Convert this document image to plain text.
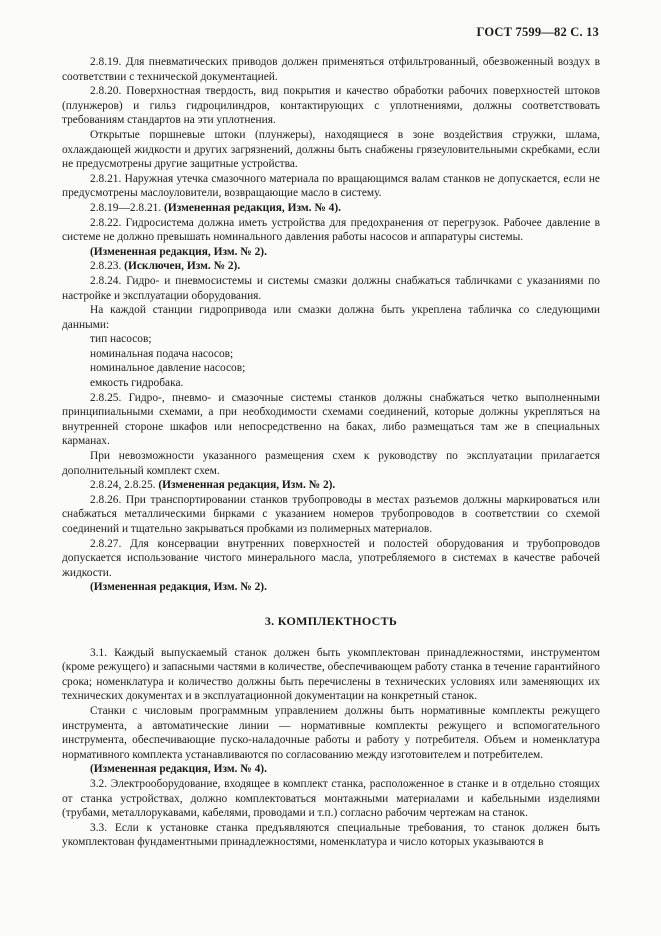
ГОСТ 7599—82 С. 13

2.8.19. Для пневматических приводов должен применяться отфильтрованный, обезвоженный воздух в соответствии с технической документацией.

2.8.20. Поверхностная твердость, вид покрытия и качество обработки рабочих поверхностей штоков (плунжеров) и гильз гидроцилиндров, контактирующих с уплотнениями, должны соответствовать требованиям стандартов на эти уплотнения.

Открытые поршневые штоки (плунжеры), находящиеся в зоне воздействия стружки, шлама, охлаждающей жидкости и других загрязнений, должны быть снабжены грязеуловительными скребками, если не предусмотрены другие защитные устройства.

2.8.21. Наружная утечка смазочного материала по вращающимся валам станков не допускается, если не предусмотрены маслоуловители, возвращающие масло в систему.

2.8.19—2.8.21. (Измененная редакция, Изм. № 4).

2.8.22. Гидросистема должна иметь устройства для предохранения от перегрузок. Рабочее давление в системе не должно превышать номинального давления работы насосов и аппаратуры системы.

(Измененная редакция, Изм. № 2).

2.8.23. (Исключен, Изм. № 2).

2.8.24. Гидро- и пневмосистемы и системы смазки должны снабжаться табличками с указаниями по настройке и эксплуатации оборудования.

На каждой станции гидропривода или смазки должна быть укреплена табличка со следующими данными:

тип насосов;

номинальная подача насосов;

номинальное давление насосов;

емкость гидробака.

2.8.25. Гидро-, пневмо- и смазочные системы станков должны снабжаться четко выполненными принципиальными схемами, а при необходимости схемами соединений, которые должны укрепляться на внутренней стороне шкафов или непосредственно на баках, либо размещаться там же в специальных карманах.

При невозможности указанного размещения схем к руководству по эксплуатации прилагается дополнительный комплект схем.

2.8.24, 2.8.25. (Измененная редакция, Изм. № 2).

2.8.26. При транспортировании станков трубопроводы в местах разъемов должны маркироваться или снабжаться металлическими бирками с указанием номеров трубопроводов в соответствии со схемой соединений и тщательно закрываться пробками из полимерных материалов.

2.8.27. Для консервации внутренних поверхностей и полостей оборудования и трубопроводов допускается использование чистого минерального масла, употребляемого в системах в качестве рабочей жидкости.

(Измененная редакция, Изм. № 2).

3. КОМПЛЕКТНОСТЬ

3.1. Каждый выпускаемый станок должен быть укомплектован принадлежностями, инструментом (кроме режущего) и запасными частями в количестве, обеспечивающем работу станка в течение гарантийного срока; номенклатура и количество должны быть перечислены в технических условиях или заменяющих их технических документах и в эксплуатационной документации на конкретный станок.

Станки с числовым программным управлением должны быть нормативные комплекты режущего инструмента, а автоматические линии — нормативные комплекты режущего и вспомогательного инструмента, обеспечивающие пуско-наладочные работы и работу у потребителя. Объем и номенклатура нормативного комплекта устанавливаются по согласованию между изготовителем и потребителем.

(Измененная редакция, Изм. № 4).

3.2. Электрооборудование, входящее в комплект станка, расположенное в станке и в отдельно стоящих от станка устройствах, должно комплектоваться монтажными материалами и кабельными изделиями (трубами, металлорукавами, кабелями, проводами и т.п.) согласно рабочим чертежам на станок.

3.3. Если к установке станка предъявляются специальные требования, то станок должен быть укомплектован фундаментными принадлежностями, номенклатура и число которых указываются в
